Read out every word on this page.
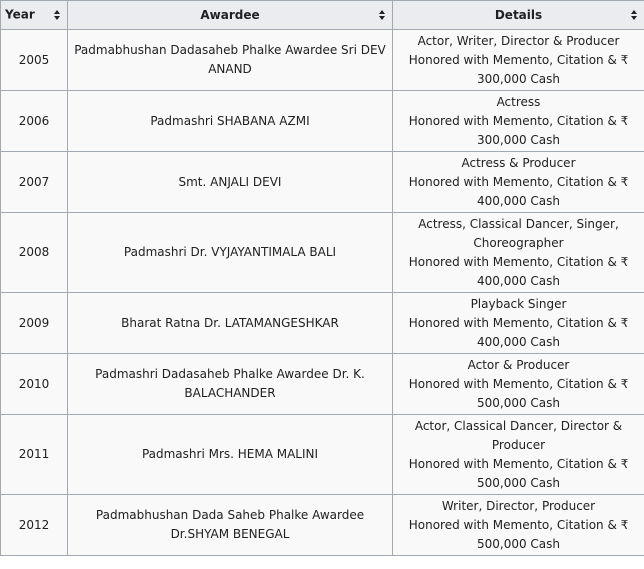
Year	Awardee	Details

2005	Padmabhushan Dadasaheb Phalke Awardee Sri DEV ANAND	Actor, Writer, Director & Producer
Honored with Memento, Citation & ₹ 300,000 Cash

2006	Padmashri SHABANA AZMI	Actress
Honored with Memento, Citation & ₹ 300,000 Cash

2007	Smt. ANJALI DEVI	Actress & Producer
Honored with Memento, Citation & ₹ 400,000 Cash

2008	Padmashri Dr. VYJAYANTIMALA BALI	Actress, Classical Dancer, Singer, Choreographer
Honored with Memento, Citation & ₹ 400,000 Cash

2009	Bharat Ratna Dr. LATAMANGESHKAR	Playback Singer
Honored with Memento, Citation & ₹ 400,000 Cash

2010	Padmashri Dadasaheb Phalke Awardee Dr. K. BALACHANDER	Actor & Producer
Honored with Memento, Citation & ₹ 500,000 Cash

2011	Padmashri Mrs. HEMA MALINI	Actor, Classical Dancer, Director & Producer
Honored with Memento, Citation & ₹ 500,000 Cash

2012	Padmabhushan Dada Saheb Phalke Awardee Dr.SHYAM BENEGAL	Writer, Director, Producer
Honored with Memento, Citation & ₹ 500,000 Cash
